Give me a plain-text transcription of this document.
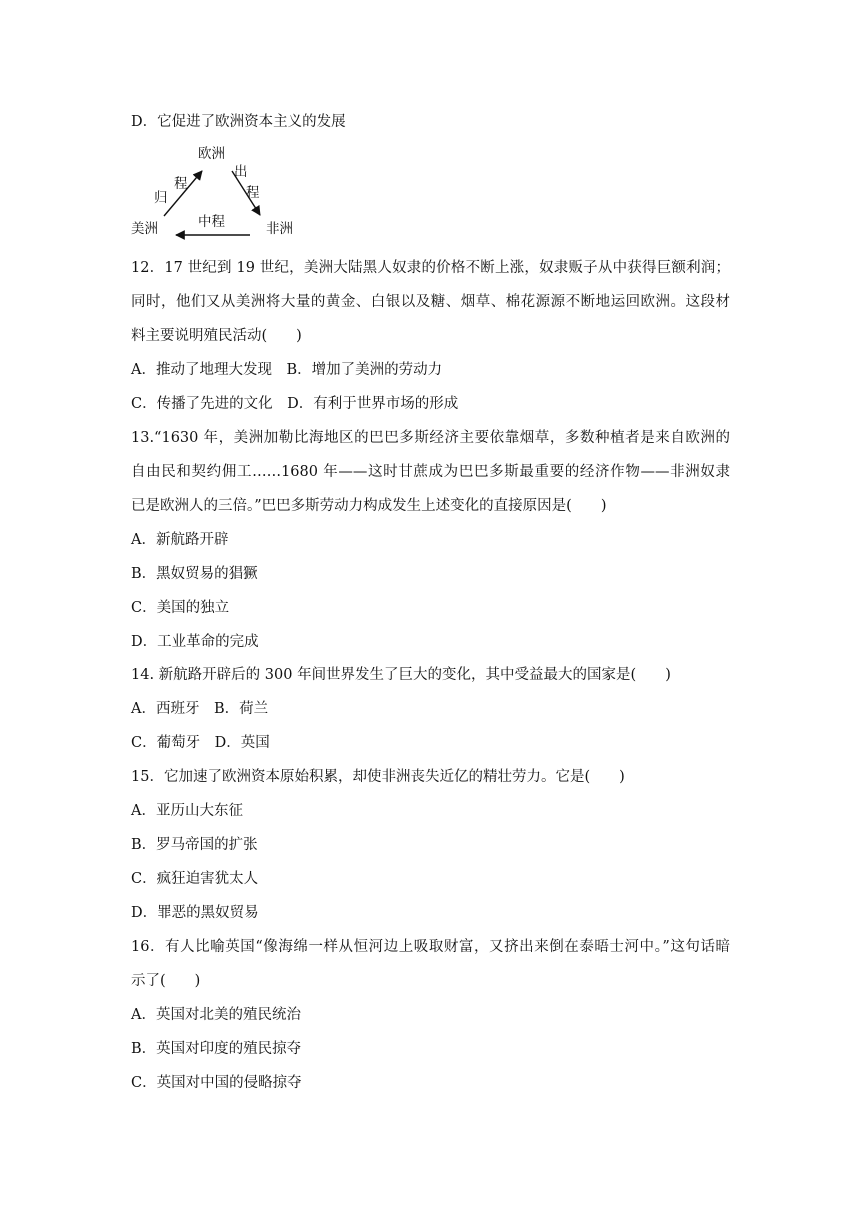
D．它促进了欧洲资本主义的发展
欧洲
美洲	非洲
出
程
归
程
中程
12．17 世纪到 19 世纪，美洲大陆黑人奴隶的价格不断上涨，奴隶贩子从中获得巨额利润；
同时，他们又从美洲将大量的黄金、白银以及糖、烟草、棉花源源不断地运回欧洲。这段材
料主要说明殖民活动(　　)
A．推动了地理大发现　B．增加了美洲的劳动力
C．传播了先进的文化　D．有利于世界市场的形成
13.“1630 年，美洲加勒比海地区的巴巴多斯经济主要依靠烟草，多数种植者是来自欧洲的
自由民和契约佣工……1680 年——这时甘蔗成为巴巴多斯最重要的经济作物——非洲奴隶
已是欧洲人的三倍。”巴巴多斯劳动力构成发生上述变化的直接原因是(　　)
A．新航路开辟
B．黑奴贸易的猖獗
C．美国的独立
D．工业革命的完成
14. 新航路开辟后的 300 年间世界发生了巨大的变化，其中受益最大的国家是(　　)
A．西班牙　B．荷兰
C．葡萄牙　D．英国
15．它加速了欧洲资本原始积累，却使非洲丧失近亿的精壮劳力。它是(　　)
A．亚历山大东征
B．罗马帝国的扩张
C．疯狂迫害犹太人
D．罪恶的黑奴贸易
16．有人比喻英国“像海绵一样从恒河边上吸取财富，又挤出来倒在泰晤士河中。”这句话暗
示了(　　)
A．英国对北美的殖民统治
B．英国对印度的殖民掠夺
C．英国对中国的侵略掠夺
